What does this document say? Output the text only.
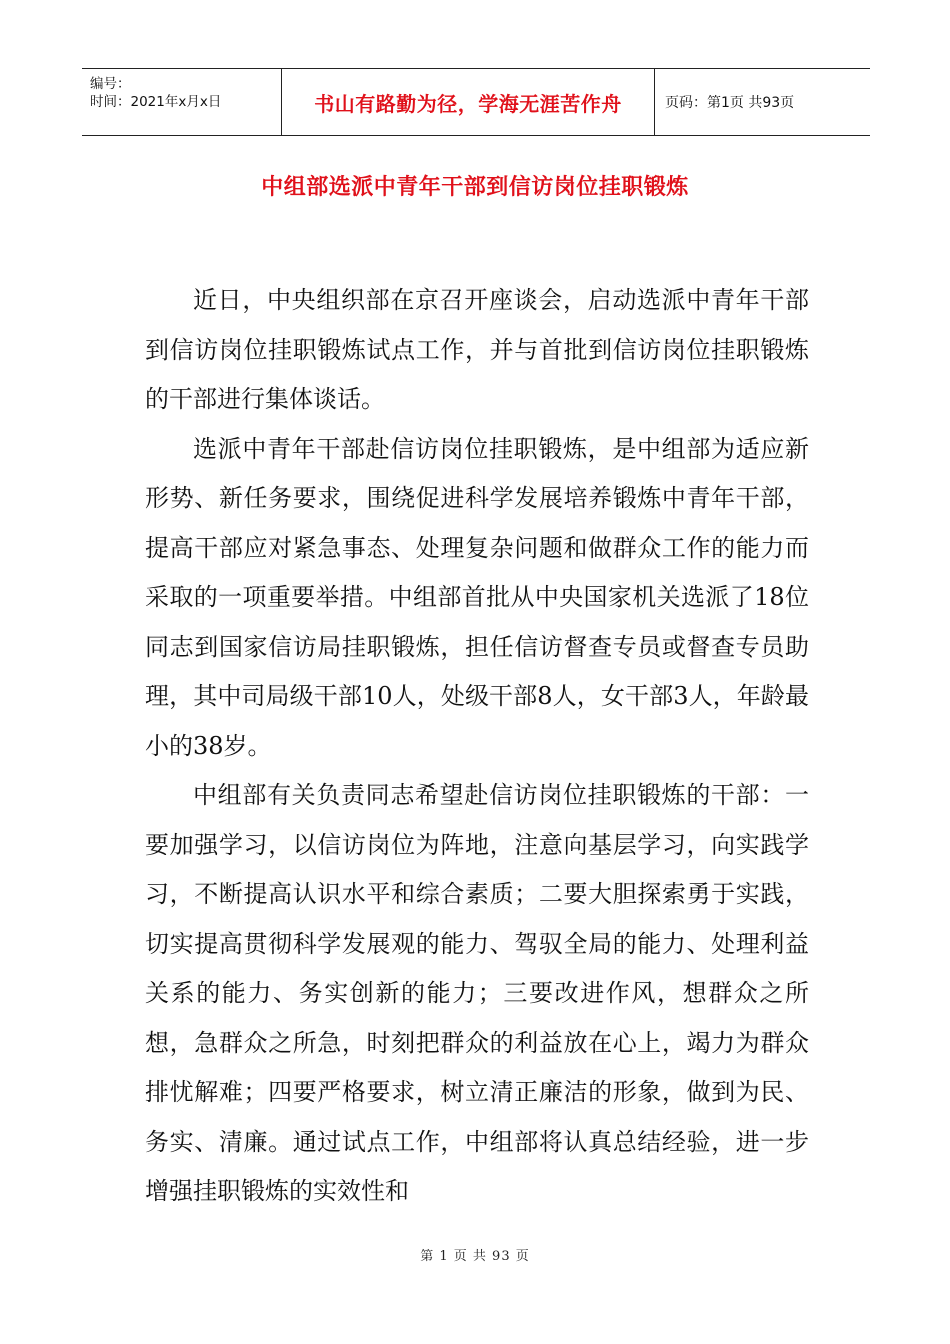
编号：
时间：2021年x月x日	书山有路勤为径，学海无涯苦作舟	页码：第1页 共93页
中组部选派中青年干部到信访岗位挂职锻炼

近日，中央组织部在京召开座谈会，启动选派中青年干部到信访岗位挂职锻炼试点工作，并与首批到信访岗位挂职锻炼的干部进行集体谈话。

选派中青年干部赴信访岗位挂职锻炼，是中组部为适应新形势、新任务要求，围绕促进科学发展培养锻炼中青年干部，提高干部应对紧急事态、处理复杂问题和做群众工作的能力而采取的一项重要举措。中组部首批从中央国家机关选派了18位同志到国家信访局挂职锻炼，担任信访督查专员或督查专员助理，其中司局级干部10人，处级干部8人，女干部3人，年龄最小的38岁。

中组部有关负责同志希望赴信访岗位挂职锻炼的干部：一要加强学习，以信访岗位为阵地，注意向基层学习，向实践学习，不断提高认识水平和综合素质；二要大胆探索勇于实践，切实提高贯彻科学发展观的能力、驾驭全局的能力、处理利益关系的能力、务实创新的能力；三要改进作风，想群众之所想，急群众之所急，时刻把群众的利益放在心上，竭力为群众排忧解难；四要严格要求，树立清正廉洁的形象，做到为民、务实、清廉。通过试点工作，中组部将认真总结经验，进一步增强挂职锻炼的实效性和

第 1 页 共 93 页
